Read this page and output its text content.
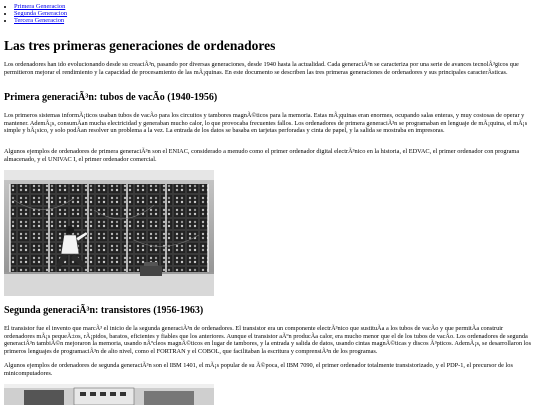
• Primera Generacion
• Segunda Generacion
• Tercera Generacion
Las tres primeras generaciones de ordenadores

Los ordenadores han ido evolucionando desde su creaciÃ³n, pasando por diversas generaciones, desde 1940 hasta la actualidad. Cada generaciÃ³n se caracteriza por una serie de avances tecnolÃ³gicos que permitieron mejorar el rendimiento y la capacidad de procesamiento de las mÃ¡quinas. En este documento se describen las tres primeras generaciones de ordenadores y sus principales caracterÃsticas.

Primera generaciÃ³n: tubos de vacÃo (1940-1956)

Los primeros sistemas informÃ¡ticos usaban tubos de vacÃo para los circuitos y tambores magnÃ©ticos para la memoria. Estas mÃ¡quinas eran enormes, ocupando salas enteras, y muy costosas de operar y mantener. AdemÃ¡s, consumÃan mucha electricidad y generaban mucho calor, lo que provocaba frecuentes fallos. Los ordenadores de primera generaciÃ³n se programaban en lenguaje de mÃ¡quina, el mÃ¡s simple y bÃ¡sico, y solo podÃan resolver un problema a la vez. La entrada de los datos se basaba en tarjetas perforadas y cinta de papel, y la salida se mostraba en impresoras.

Algunos ejemplos de ordenadores de primera generaciÃ³n son el ENIAC, considerado a menudo como el primer ordenador digital electrÃ³nico en la historia, el EDVAC, el primer ordenador con programa almacenado, y el UNIVAC I, el primer ordenador comercial.

Segunda generaciÃ³n: transistores (1956-1963)

El transistor fue el invento que marcÃ³ el inicio de la segunda generaciÃ³n de ordenadores. El transistor era un componente electrÃ³nico que sustituÃa a los tubos de vacÃo y que permitÃa construir ordenadores mÃ¡s pequeÃ±os, rÃ¡pidos, baratos, eficientes y fiables que los anteriores. Aunque el transistor aÃºn producÃa calor, era mucho menor que el de los tubos de vacÃo. Los ordenadores de segunda generaciÃ³n tambiÃ©n mejoraron la memoria, usando nÃºcleos magnÃ©ticos en lugar de tambores, y la entrada y salida de datos, usando cintas magnÃ©ticas y discos Ã³pticos. AdemÃ¡s, se desarrollaron los primeros lenguajes de programaciÃ³n de alto nivel, como el FORTRAN y el COBOL, que facilitaban la escritura y comprensiÃ³n de los programas.

Algunos ejemplos de ordenadores de segunda generaciÃ³n son el IBM 1401, el mÃ¡s popular de su Ã©poca, el IBM 7090, el primer ordenador totalmente transistorizado, y el PDP-1, el precursor de los minicomputadores.
